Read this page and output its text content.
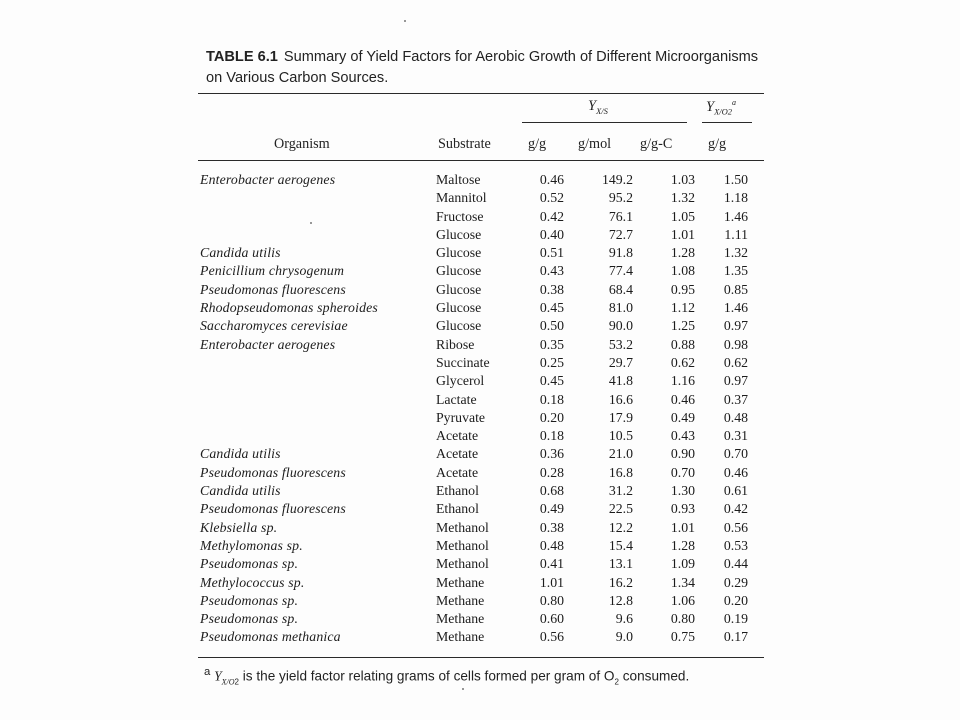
TABLE 6.1 Summary of Yield Factors for Aerobic Growth of Different Microorganisms on Various Carbon Sources.
$Y_{X/S}$	$Y_{X/O2}^a$
Organism	Substrate	g/g g/mol g/g-C	g/g
Enterobacter aerogenes	Maltose	0.46	149.2	1.03	1.50
	Mannitol	0.52	95.2	1.32	1.18
	Fructose	0.42	76.1	1.05	1.46
	Glucose	0.40	72.7	1.01	1.11
Candida utilis	Glucose	0.51	91.8	1.28	1.32
Penicillium chrysogenum	Glucose	0.43	77.4	1.08	1.35
Pseudomonas fluorescens	Glucose	0.38	68.4	0.95	0.85
Rhodopseudomonas spheroides	Glucose	0.45	81.0	1.12	1.46
Saccharomyces cerevisiae	Glucose	0.50	90.0	1.25	0.97
Enterobacter aerogenes	Ribose	0.35	53.2	0.88	0.98
	Succinate	0.25	29.7	0.62	0.62
	Glycerol	0.45	41.8	1.16	0.97
	Lactate	0.18	16.6	0.46	0.37
	Pyruvate	0.20	17.9	0.49	0.48
	Acetate	0.18	10.5	0.43	0.31
Candida utilis	Acetate	0.36	21.0	0.90	0.70
Pseudomonas fluorescens	Acetate	0.28	16.8	0.70	0.46
Candida utilis	Ethanol	0.68	31.2	1.30	0.61
Pseudomonas fluorescens	Ethanol	0.49	22.5	0.93	0.42
Klebsiella sp.	Methanol	0.38	12.2	1.01	0.56
Methylomonas sp.	Methanol	0.48	15.4	1.28	0.53
Pseudomonas sp.	Methanol	0.41	13.1	1.09	0.44
Methylococcus sp.	Methane	1.01	16.2	1.34	0.29
Pseudomonas sp.	Methane	0.80	12.8	1.06	0.20
Pseudomonas sp.	Methane	0.60	9.6	0.80	0.19
Pseudomonas methanica	Methane	0.56	9.0	0.75	0.17
$^a$ $Y_{X/O2}$ is the yield factor relating grams of cells formed per gram of $O_2$ consumed.
